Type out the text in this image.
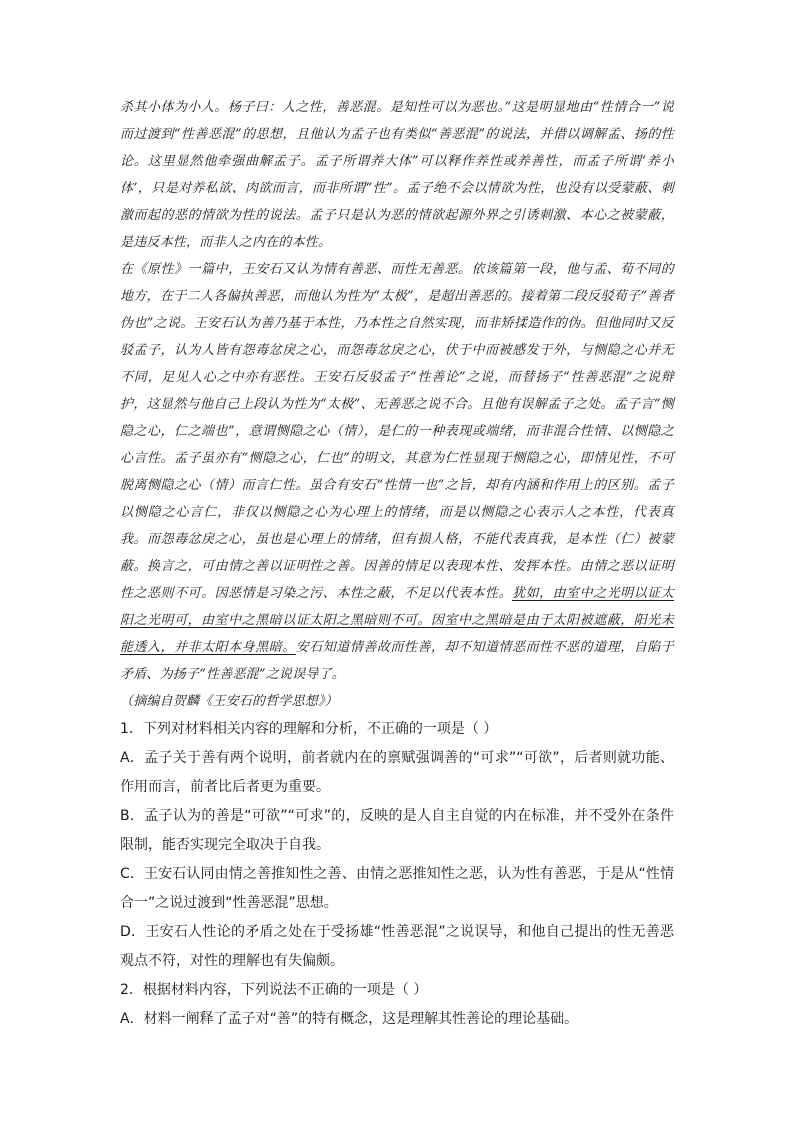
杀其小体为小人。杨子曰：人之性，善恶混。是知性可以为恶也。”这是明显地由“性情合一”说而过渡到“性善恶混”的思想，且他认为孟子也有类似“善恶混”的说法，并借以调解孟、扬的性论。这里显然他牵强曲解孟子。孟子所谓养大体”可以释作养性或养善性，而孟子所谓‘养小体’，只是对养私欲、肉欲而言，而非所谓“性”。孟子绝不会以情欲为性，也没有以受蒙蔽、刺激而起的恶的情欲为性的说法。孟子只是认为恶的情欲起源外界之引诱刺激、本心之被蒙蔽，是违反本性，而非人之内在的本性。

在《原性》一篇中，王安石又认为情有善恶、而性无善恶。依该篇第一段，他与孟、荀不同的地方，在于二人各偏执善恶，而他认为性为“太极”，是超出善恶的。接着第二段反驳荀子“善者伪也”之说。王安石认为善乃基于本性，乃本性之自然实现，而非矫揉造作的伪。但他同时又反驳孟子，认为人皆有怨毒忿戾之心，而怨毒忿戾之心，伏于中而被感发于外，与恻隐之心并无不同，足见人心之中亦有恶性。王安石反驳孟子“性善论”之说，而替扬子“性善恶混”之说辩护，这显然与他自己上段认为性为“太极”、无善恶之说不合。且他有误解孟子之处。孟子言“恻隐之心，仁之端也”，意谓恻隐之心（情），是仁的一种表现或端绪，而非混合性情、以恻隐之心言性。孟子虽亦有“恻隐之心，仁也”的明文，其意为仁性显现于恻隐之心，即情见性，不可脱离恻隐之心（情）而言仁性。虽合有安石“性情一也”之旨，却有内涵和作用上的区别。孟子以恻隐之心言仁，非仅以恻隐之心为心理上的情绪，而是以恻隐之心表示人之本性，代表真我。而怨毒忿戾之心，虽也是心理上的情绪，但有损人格，不能代表真我，是本性（仁）被蒙蔽。换言之，可由情之善以证明性之善。因善的情足以表现本性、发挥本性。由情之恶以证明性之恶则不可。因恶情是习染之污、本性之蔽，不足以代表本性。犹如，由室中之光明以证太阳之光明可，由室中之黑暗以证太阳之黑暗则不可。因室中之黑暗是由于太阳被遮蔽，阳光未能透入，并非太阳本身黑暗。安石知道情善故而性善，却不知道情恶而性不恶的道理，自陷于矛盾、为扬子“性善恶混”之说误导了。

（摘编自贺麟《王安石的哲学思想》）

1．下列对材料相关内容的理解和分析，不正确的一项是（ ）

A．孟子关于善有两个说明，前者就内在的禀赋强调善的“可求”“可欲”，后者则就功能、作用而言，前者比后者更为重要。

B．孟子认为的善是“可欲”“可求”的，反映的是人自主自觉的内在标准，并不受外在条件限制，能否实现完全取决于自我。

C．王安石认同由情之善推知性之善、由情之恶推知性之恶，认为性有善恶，于是从“性情合一”之说过渡到“性善恶混”思想。

D．王安石人性论的矛盾之处在于受扬雄“性善恶混”之说误导，和他自己提出的性无善恶观点不符，对性的理解也有失偏颇。

2．根据材料内容，下列说法不正确的一项是（ ）

A．材料一阐释了孟子对“善”的特有概念，这是理解其性善论的理论基础。
